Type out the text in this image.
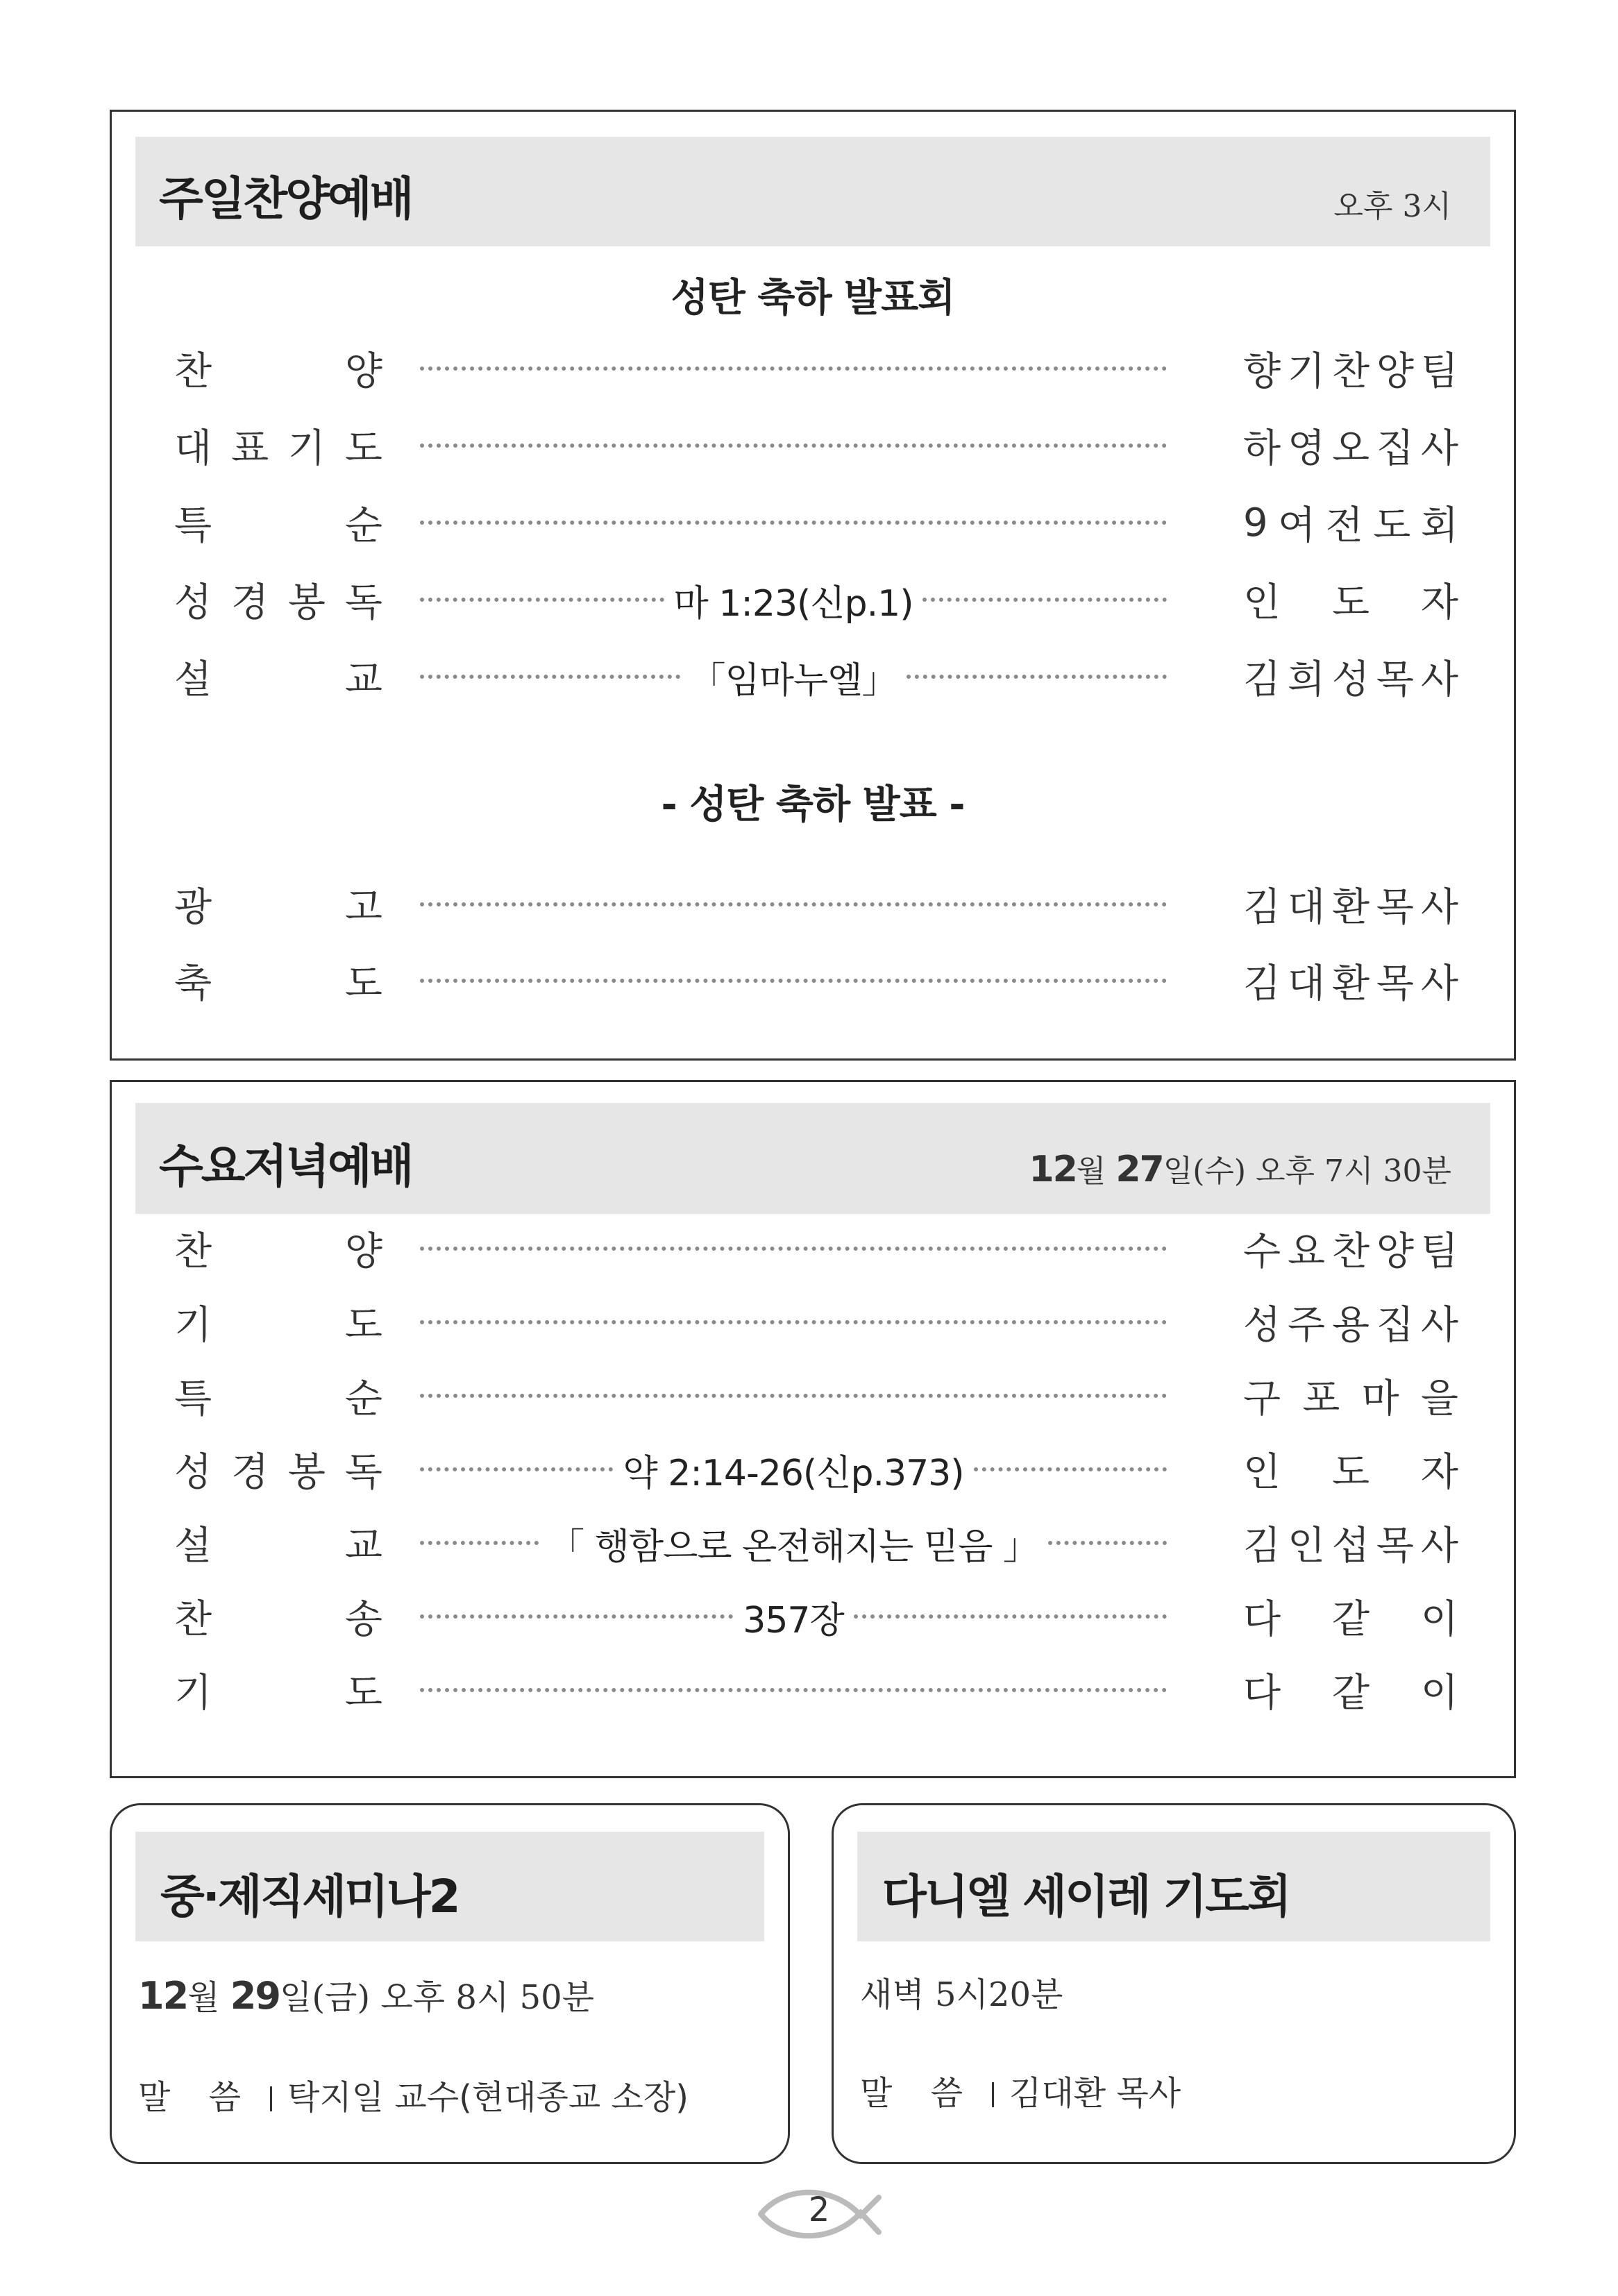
주일찬양예배	오후 3시
성탄 축하 발표회
찬	양	향 기 찬 양 팀
대 표 기 도	하 영 오 집 사
특	순	9 여 전 도 회
성 경 봉 독	마 1:23(신p.1)	인 도 자
설	교	「임마누엘」	김 희 성 목 사
- 성탄 축하 발표 -
광	고	김 대 환 목 사
축	도	김 대 환 목 사
수요저녁예배	12월 27일(수) 오후 7시 30분
찬	양	수 요 찬 양 팀
기	도	성 주 용 집 사
특	순	구 포 마 을
성 경 봉 독	약 2:14-26(신p.373)	인 도 자
설	교	「 행함으로 온전해지는 믿음 」	김 인 섭 목 사
찬	송	357장	다 같 이
기	도	다 같 이
중·제직세미나2
12월 29일(금) 오후 8시 50분
말 씀 탁지일 교수(현대종교 소장)
다니엘 세이레 기도회
새벽 5시20분
말 씀 김대환 목사
2
